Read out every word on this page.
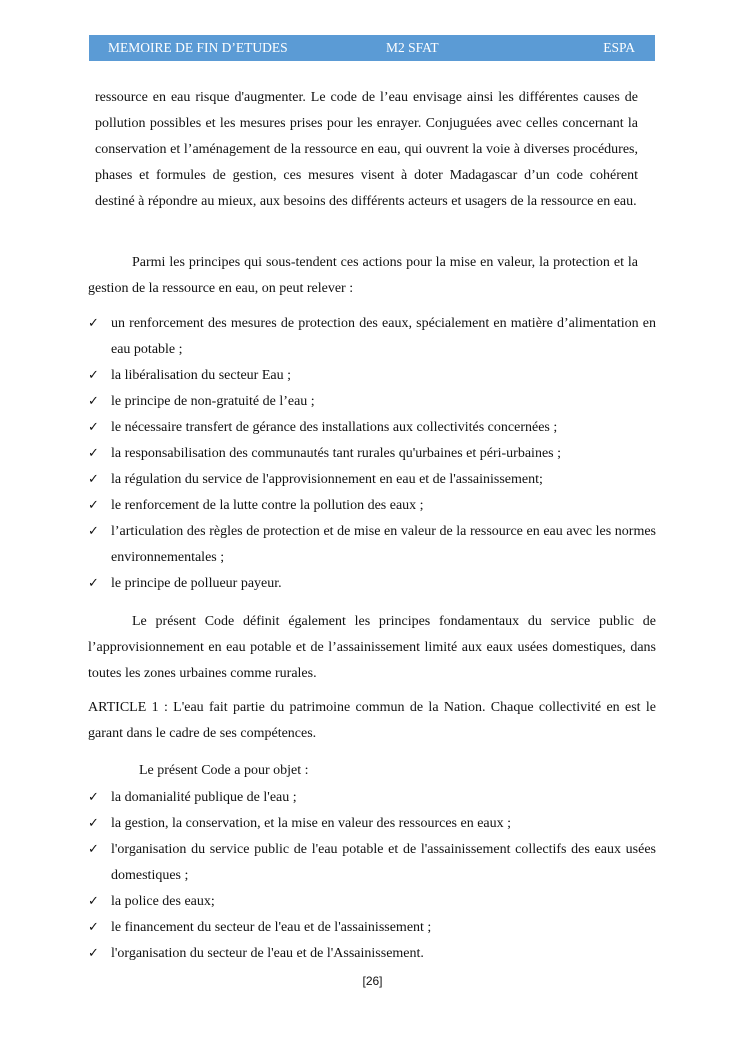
MEMOIRE DE FIN D’ETUDES	M2 SFAT	ESPA

ressource en eau risque d'augmenter. Le code de l’eau envisage ainsi les différentes causes de pollution possibles et les mesures prises pour les enrayer. Conjuguées avec celles concernant la conservation et l’aménagement de la ressource en eau, qui ouvrent la voie à diverses procédures, phases et formules de gestion, ces mesures visent à doter Madagascar d’un code cohérent destiné à répondre au mieux, aux besoins des différents acteurs et usagers de la ressource en eau.

Parmi les principes qui sous-tendent ces actions pour la mise en valeur, la protection et la gestion de la ressource en eau, on peut relever :

✓ un renforcement des mesures de protection des eaux, spécialement en matière d’alimentation en eau potable ;
✓ la libéralisation du secteur Eau ;
✓ le principe de non-gratuité de l’eau ;
✓ le nécessaire transfert de gérance des installations aux collectivités concernées ;
✓ la responsabilisation des communautés tant rurales qu'urbaines et péri-urbaines ;
✓ la régulation du service de l'approvisionnement en eau et de l'assainissement;
✓ le renforcement de la lutte contre la pollution des eaux ;
✓ l’articulation des règles de protection et de mise en valeur de la ressource en eau avec les normes environnementales ;
✓ le principe de pollueur payeur.

Le présent Code définit également les principes fondamentaux du service public de l’approvisionnement en eau potable et de l’assainissement limité aux eaux usées domestiques, dans toutes les zones urbaines comme rurales.

ARTICLE 1 : L'eau fait partie du patrimoine commun de la Nation. Chaque collectivité en est le garant dans le cadre de ses compétences.

Le présent Code a pour objet :

✓ la domanialité publique de l'eau ;
✓ la gestion, la conservation, et la mise en valeur des ressources en eaux ;
✓ l'organisation du service public de l'eau potable et de l'assainissement collectifs des eaux usées domestiques ;
✓ la police des eaux;
✓ le financement du secteur de l'eau et de l'assainissement ;
✓ l'organisation du secteur de l'eau et de l'Assainissement.
[26]
